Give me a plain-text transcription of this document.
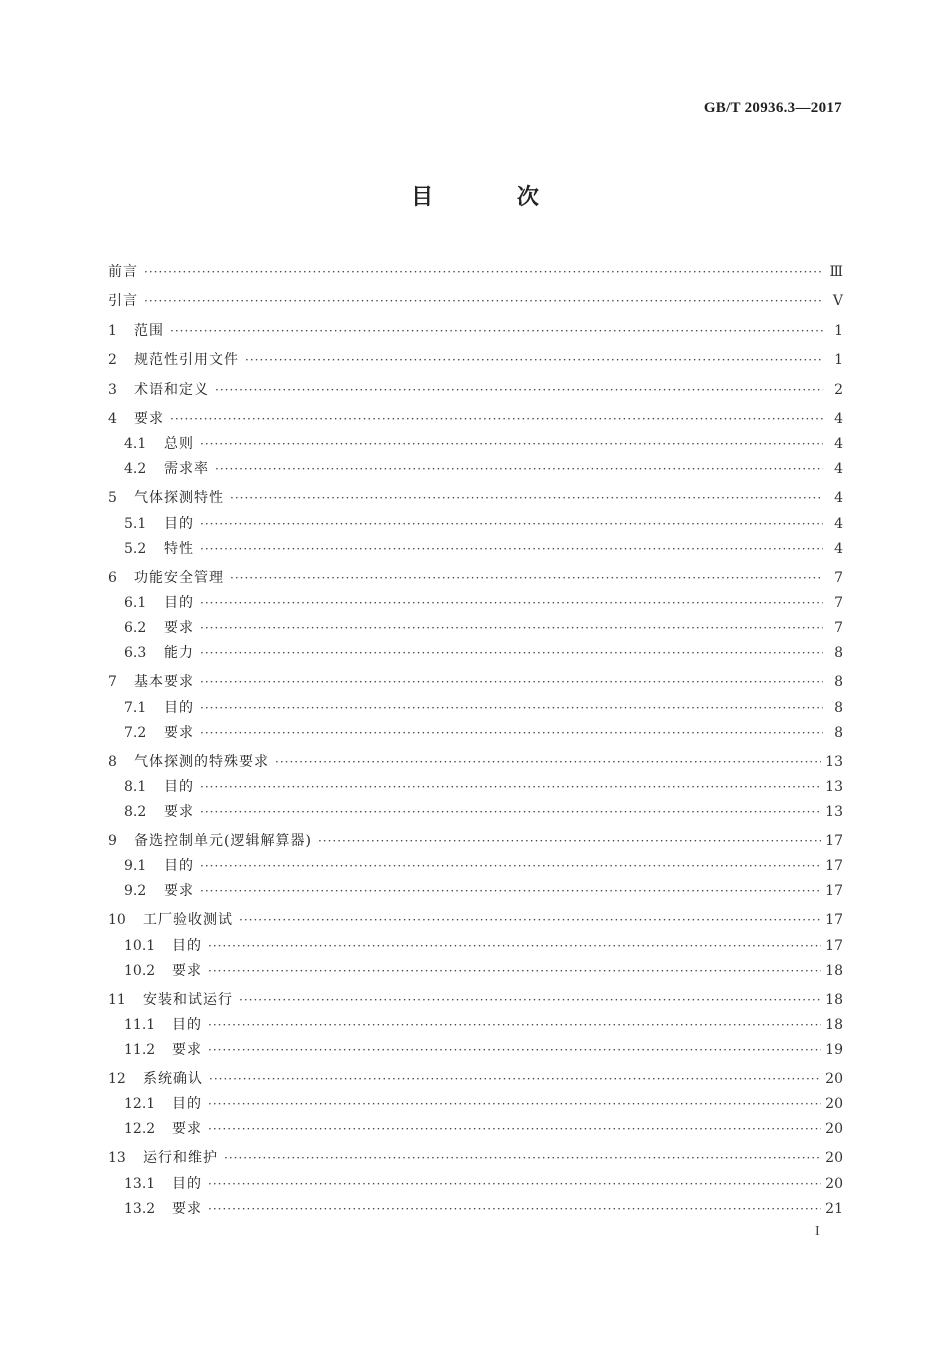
GB/T 20936.3—2017
目 次
前言 ·····	Ⅲ
引言 ·····	Ⅴ
1	范围 ·····	1
2	规范性引用文件 ·····	1
3	术语和定义 ·····	2
4	要求 ·····	4
4.1	总则 ·····	4
4.2	需求率 ·····	4
5	气体探测特性 ·····	4
5.1	目的 ·····	4
5.2	特性 ·····	4
6	功能安全管理 ·····	7
6.1	目的 ·····	7
6.2	要求 ·····	7
6.3	能力 ·····	8
7	基本要求 ·····	8
7.1	目的 ·····	8
7.2	要求 ·····	8
8	气体探测的特殊要求 ·····	13
8.1	目的 ·····	13
8.2	要求 ·····	13
9	备选控制单元(逻辑解算器) ·····	17
9.1	目的 ·····	17
9.2	要求 ·····	17
10	工厂验收测试 ·····	17
10.1	目的 ·····	17
10.2	要求 ·····	18
11	安装和试运行 ·····	18
11.1	目的 ·····	18
11.2	要求 ·····	19
12	系统确认 ·····	20
12.1	目的 ·····	20
12.2	要求 ·····	20
13	运行和维护 ·····	20
13.1	目的 ·····	20
13.2	要求 ·····	21
I
